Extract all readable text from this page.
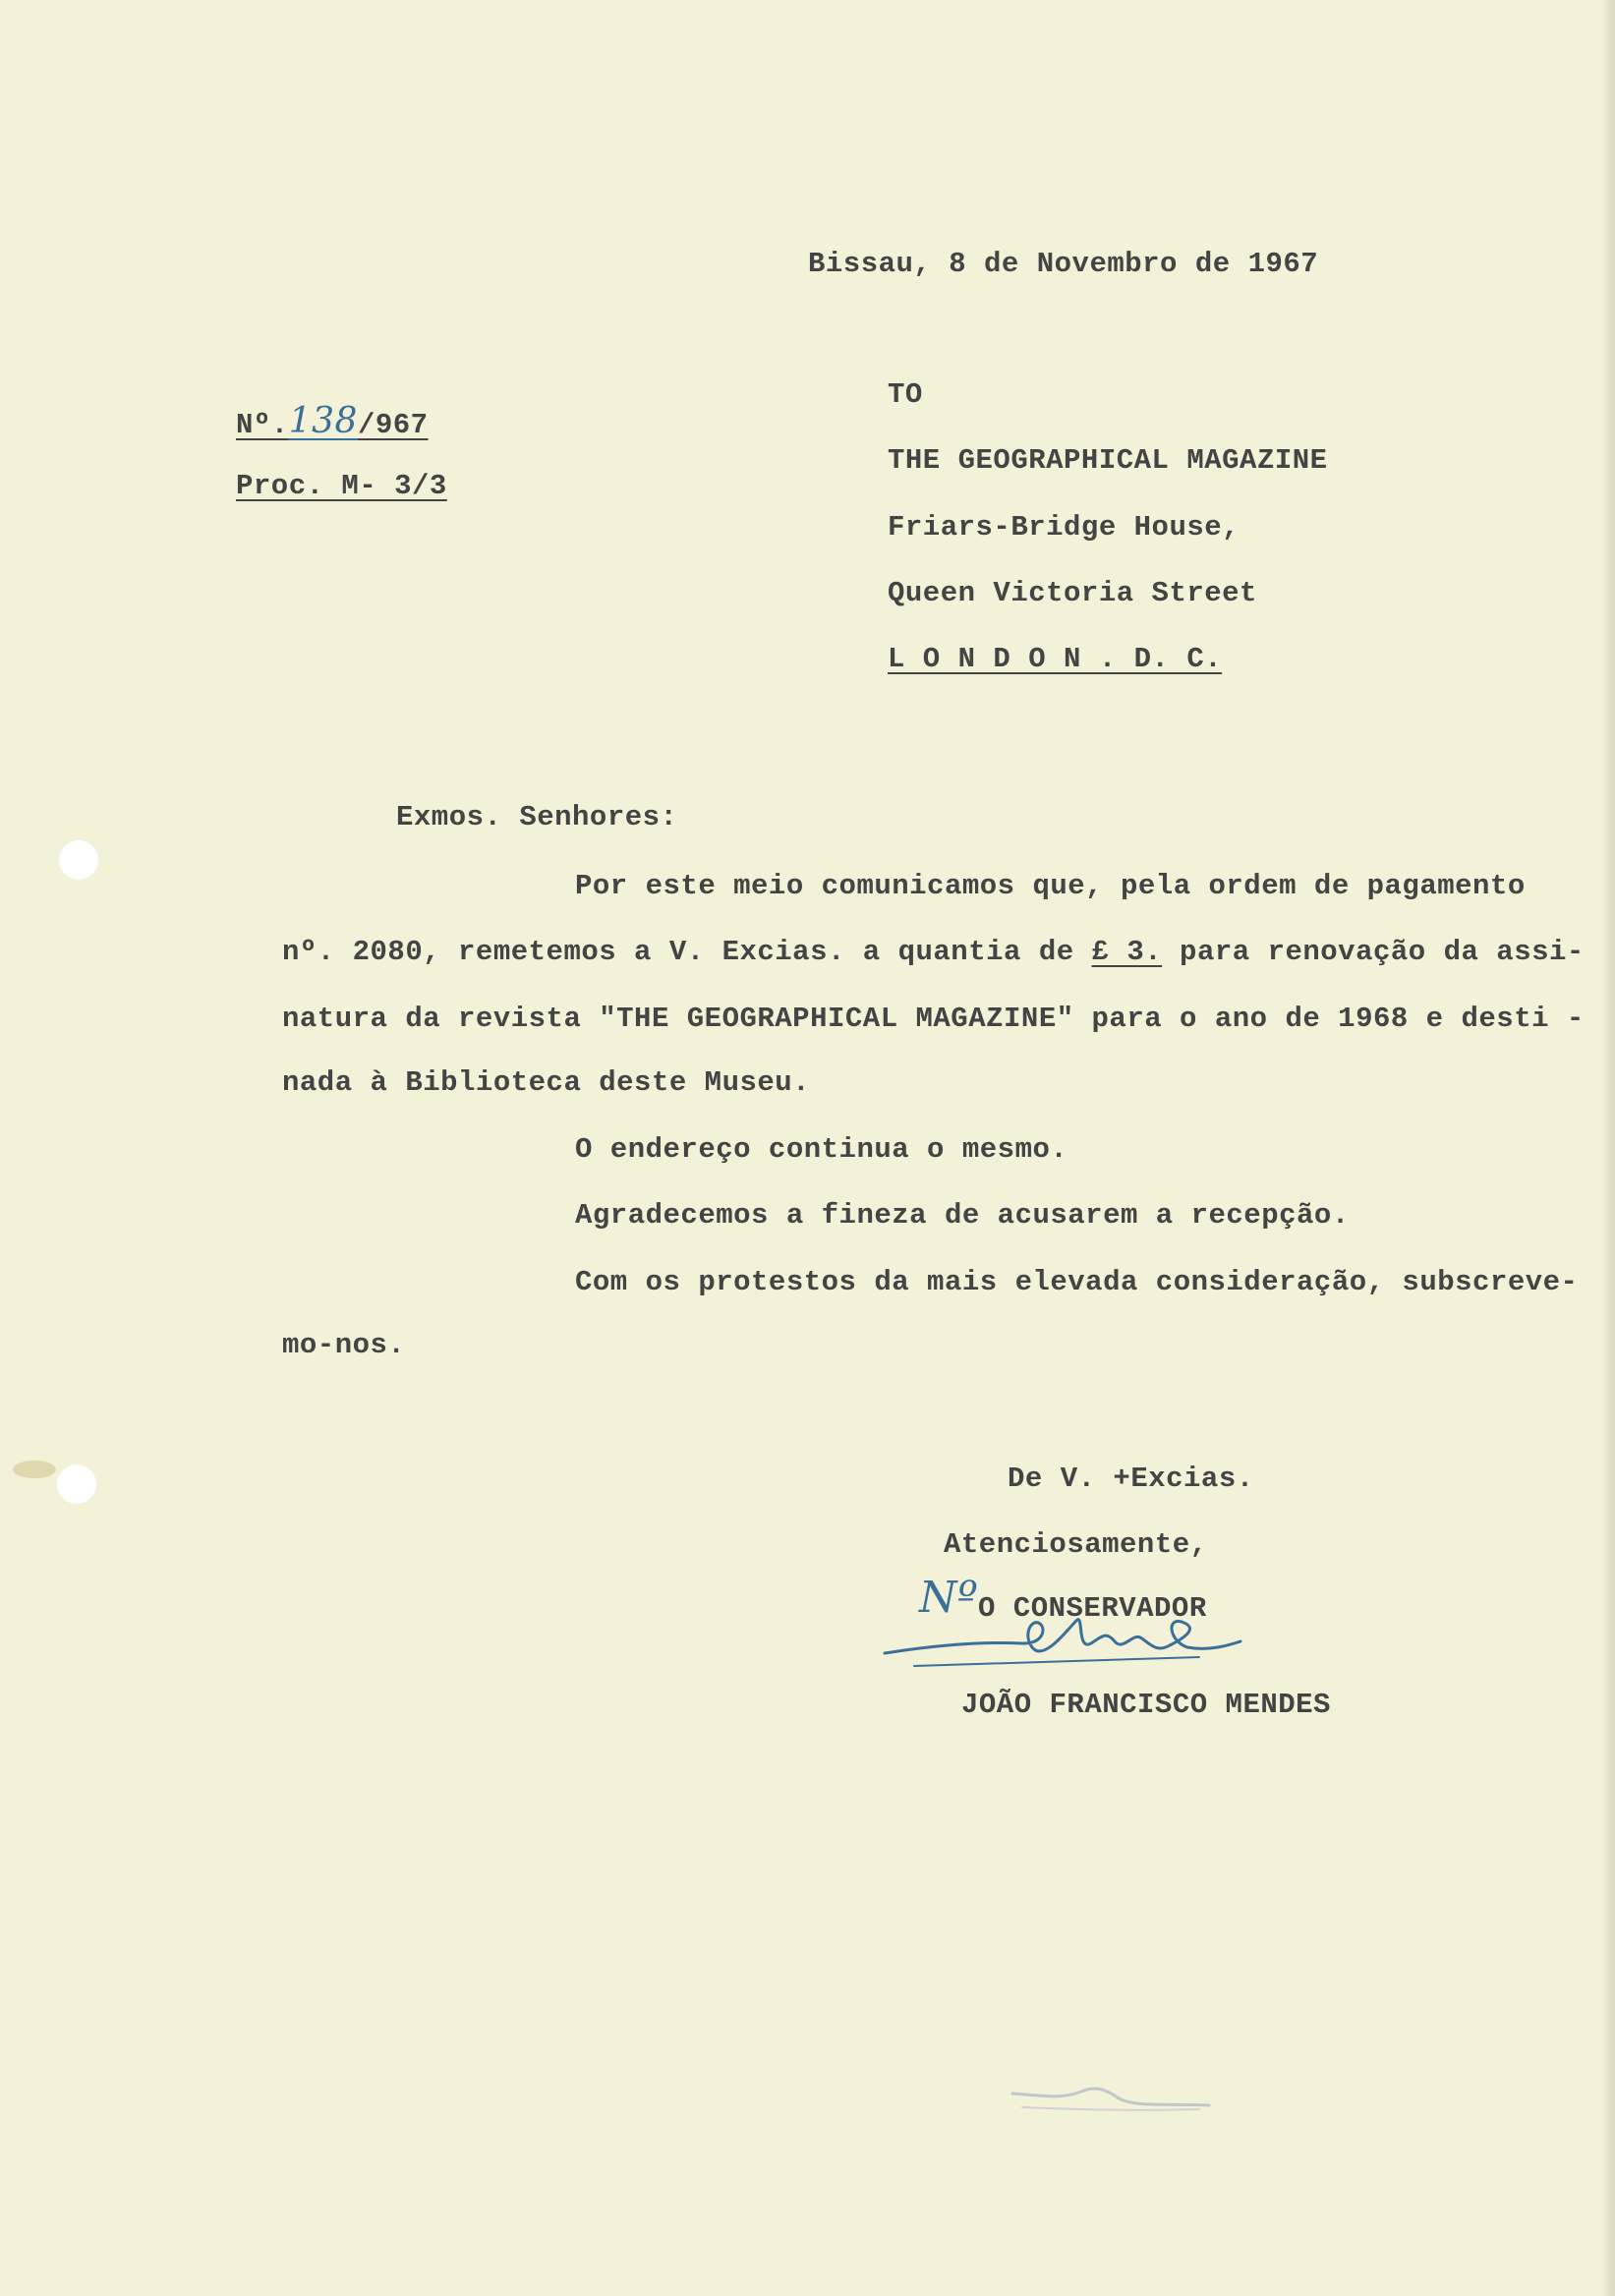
Bissau, 8 de Novembro de 1967
Nº.138/967
Proc. M- 3/3
TO
THE GEOGRAPHICAL MAGAZINE
Friars-Bridge House,
Queen Victoria Street
L O N D O N . D. C.
Exmos. Senhores:
Por este meio comunicamos que, pela ordem de pagamento
nº. 2080, remetemos a V. Excias. a quantia de £ 3. para renovação da assi-
natura da revista "THE GEOGRAPHICAL MAGAZINE" para o ano de 1968 e desti -
nada à Biblioteca deste Museu.
O endereço continua o mesmo.
Agradecemos a fineza de acusarem a recepção.
Com os protestos da mais elevada consideração, subscreve-
mo-nos.
De V. +Excias.
Atenciosamente,
Nº O CONSERVADOR
JOÃO FRANCISCO MENDES
